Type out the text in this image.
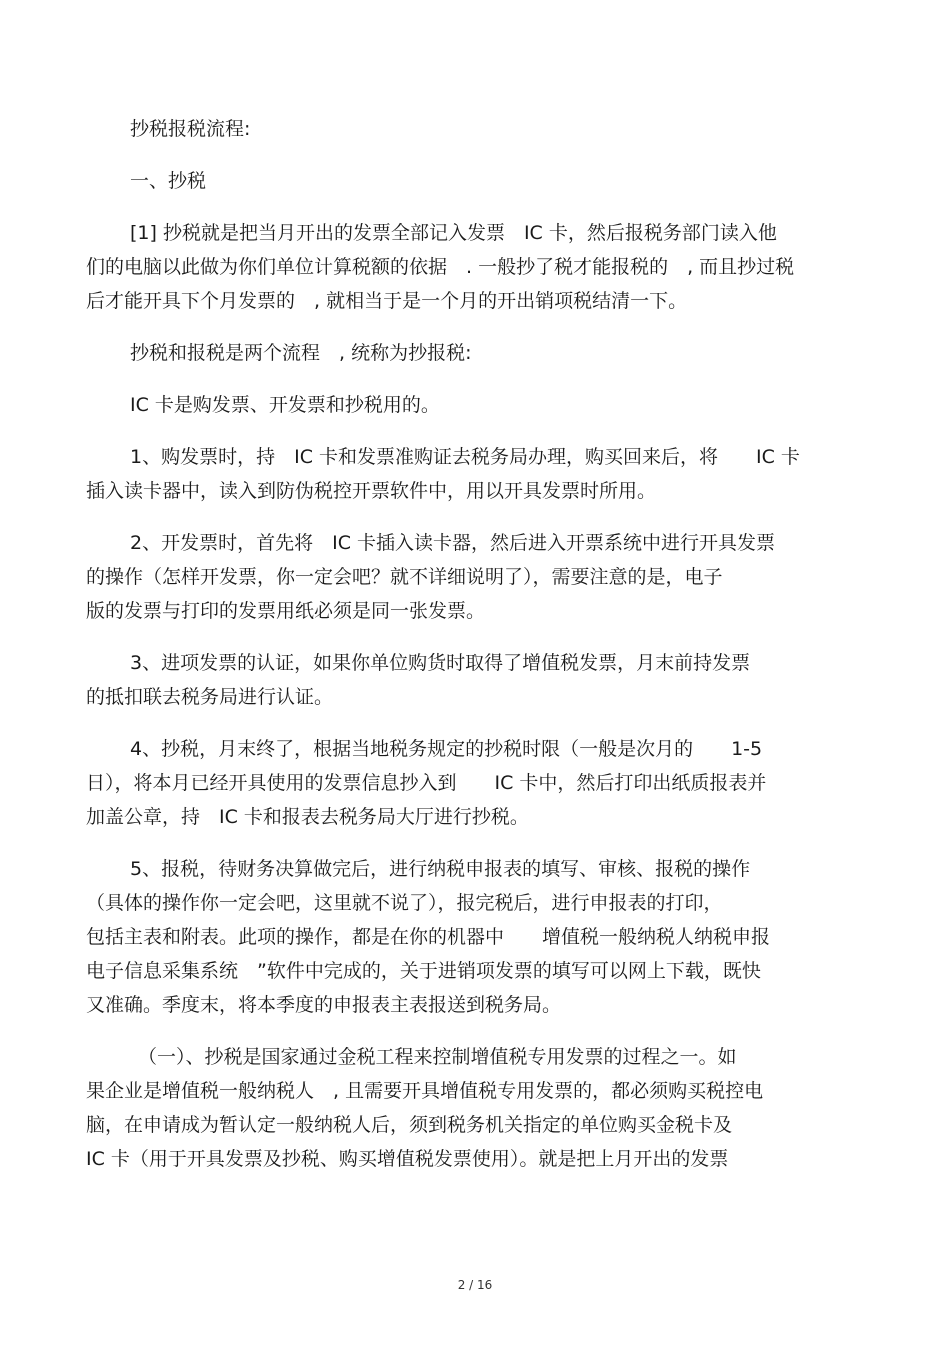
抄税报税流程:
一、抄税
[1] 抄税就是把当月开出的发票全部记入发票　IC 卡，然后报税务部门读入他
们的电脑以此做为你们单位计算税额的依据　. 一般抄了税才能报税的　, 而且抄过税
后才能开具下个月发票的　, 就相当于是一个月的开出销项税结清一下。
抄税和报税是两个流程　, 统称为抄报税:
IC 卡是购发票、开发票和抄税用的。
1、购发票时，持　IC 卡和发票准购证去税务局办理，购买回来后，将　　IC 卡
插入读卡器中，读入到防伪税控开票软件中，用以开具发票时所用。
2、开发票时，首先将　IC 卡插入读卡器，然后进入开票系统中进行开具发票
的操作（怎样开发票，你一定会吧？就不详细说明了），需要注意的是，电子
版的发票与打印的发票用纸必须是同一张发票。
3、进项发票的认证，如果你单位购货时取得了增值税发票，月末前持发票
的抵扣联去税务局进行认证。
4、抄税，月末终了，根据当地税务规定的抄税时限（一般是次月的　　1-5
日），将本月已经开具使用的发票信息抄入到　　IC 卡中，然后打印出纸质报表并
加盖公章，持　IC 卡和报表去税务局大厅进行抄税。
5、报税，待财务决算做完后，进行纳税申报表的填写、审核、报税的操作
（具体的操作你一定会吧，这里就不说了），报完税后，进行申报表的打印，
包括主表和附表。此项的操作，都是在你的机器中　　增值税一般纳税人纳税申报
电子信息采集系统　”软件中完成的，关于进销项发票的填写可以网上下载，既快
又准确。季度末，将本季度的申报表主表报送到税务局。
（一）、抄税是国家通过金税工程来控制增值税专用发票的过程之一。如
果企业是增值税一般纳税人　, 且需要开具增值税专用发票的，都必须购买税控电
脑，在申请成为暂认定一般纳税人后，须到税务机关指定的单位购买金税卡及
IC 卡（用于开具发票及抄税、购买增值税发票使用）。就是把上月开出的发票
2 / 16
